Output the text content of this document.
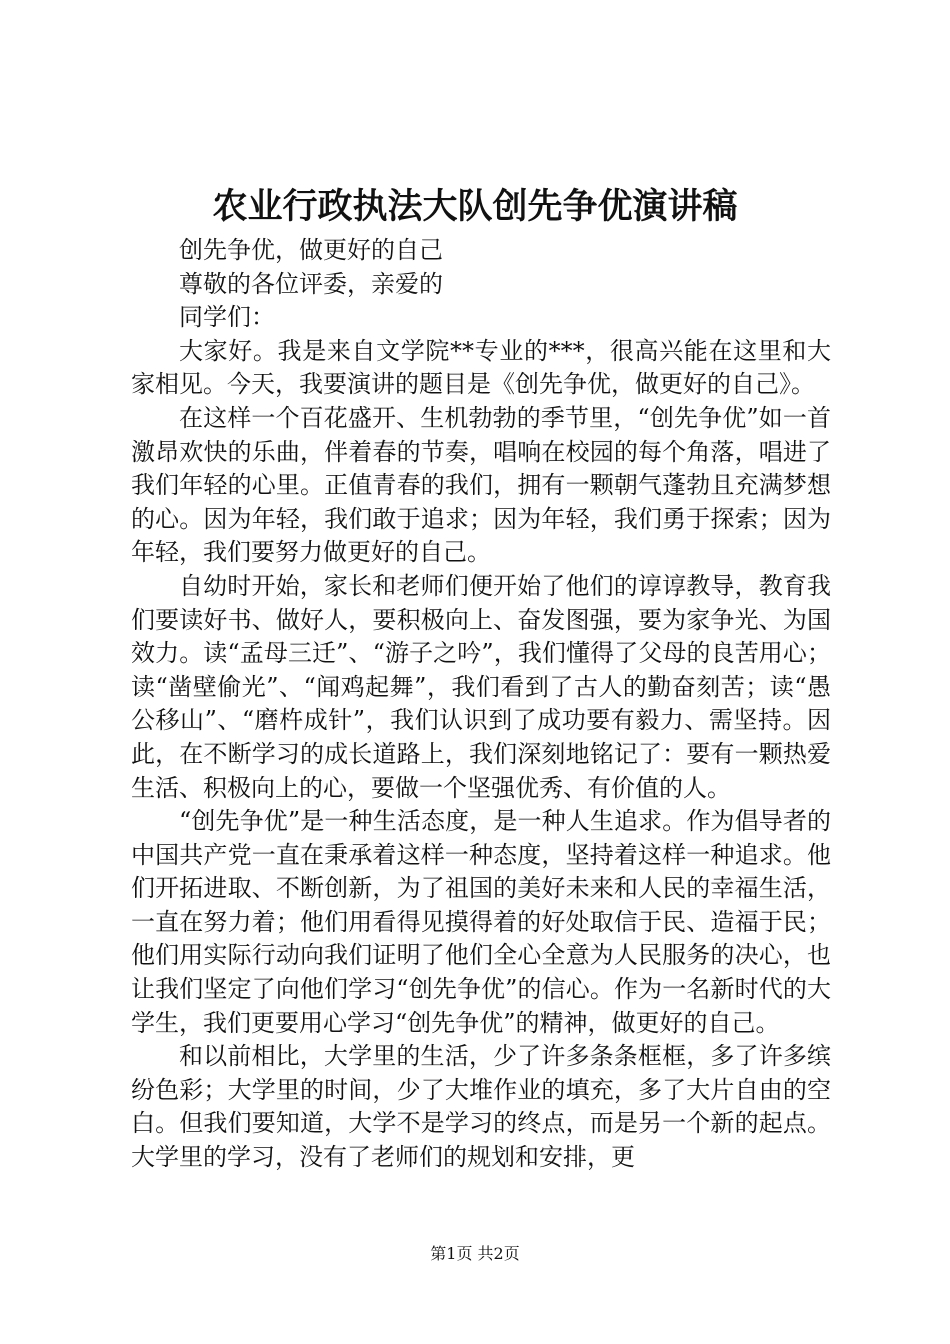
农业行政执法大队创先争优演讲稿

创先争优，做更好的自己

尊敬的各位评委，亲爱的

同学们：

大家好。我是来自文学院**专业的***，很高兴能在这里和大家相见。今天，我要演讲的题目是《创先争优，做更好的自己》。

在这样一个百花盛开、生机勃勃的季节里，“创先争优”如一首激昂欢快的乐曲，伴着春的节奏，唱响在校园的每个角落，唱进了我们年轻的心里。正值青春的我们，拥有一颗朝气蓬勃且充满梦想的心。因为年轻，我们敢于追求；因为年轻，我们勇于探索；因为年轻，我们要努力做更好的自己。

自幼时开始，家长和老师们便开始了他们的谆谆教导，教育我们要读好书、做好人，要积极向上、奋发图强，要为家争光、为国效力。读“孟母三迁”、“游子之吟”，我们懂得了父母的良苦用心；读“凿壁偷光”、“闻鸡起舞”，我们看到了古人的勤奋刻苦；读“愚公移山”、“磨杵成针”，我们认识到了成功要有毅力、需坚持。因此，在不断学习的成长道路上，我们深刻地铭记了：要有一颗热爱生活、积极向上的心，要做一个坚强优秀、有价值的人。

“创先争优”是一种生活态度，是一种人生追求。作为倡导者的中国共产党一直在秉承着这样一种态度，坚持着这样一种追求。他们开拓进取、不断创新，为了祖国的美好未来和人民的幸福生活，一直在努力着；他们用看得见摸得着的好处取信于民、造福于民；他们用实际行动向我们证明了他们全心全意为人民服务的决心，也让我们坚定了向他们学习“创先争优”的信心。作为一名新时代的大学生，我们更要用心学习“创先争优”的精神，做更好的自己。

和以前相比，大学里的生活，少了许多条条框框，多了许多缤纷色彩；大学里的时间，少了大堆作业的填充，多了大片自由的空白。但我们要知道，大学不是学习的终点，而是另一个新的起点。大学里的学习，没有了老师们的规划和安排，更

第1页 共2页
